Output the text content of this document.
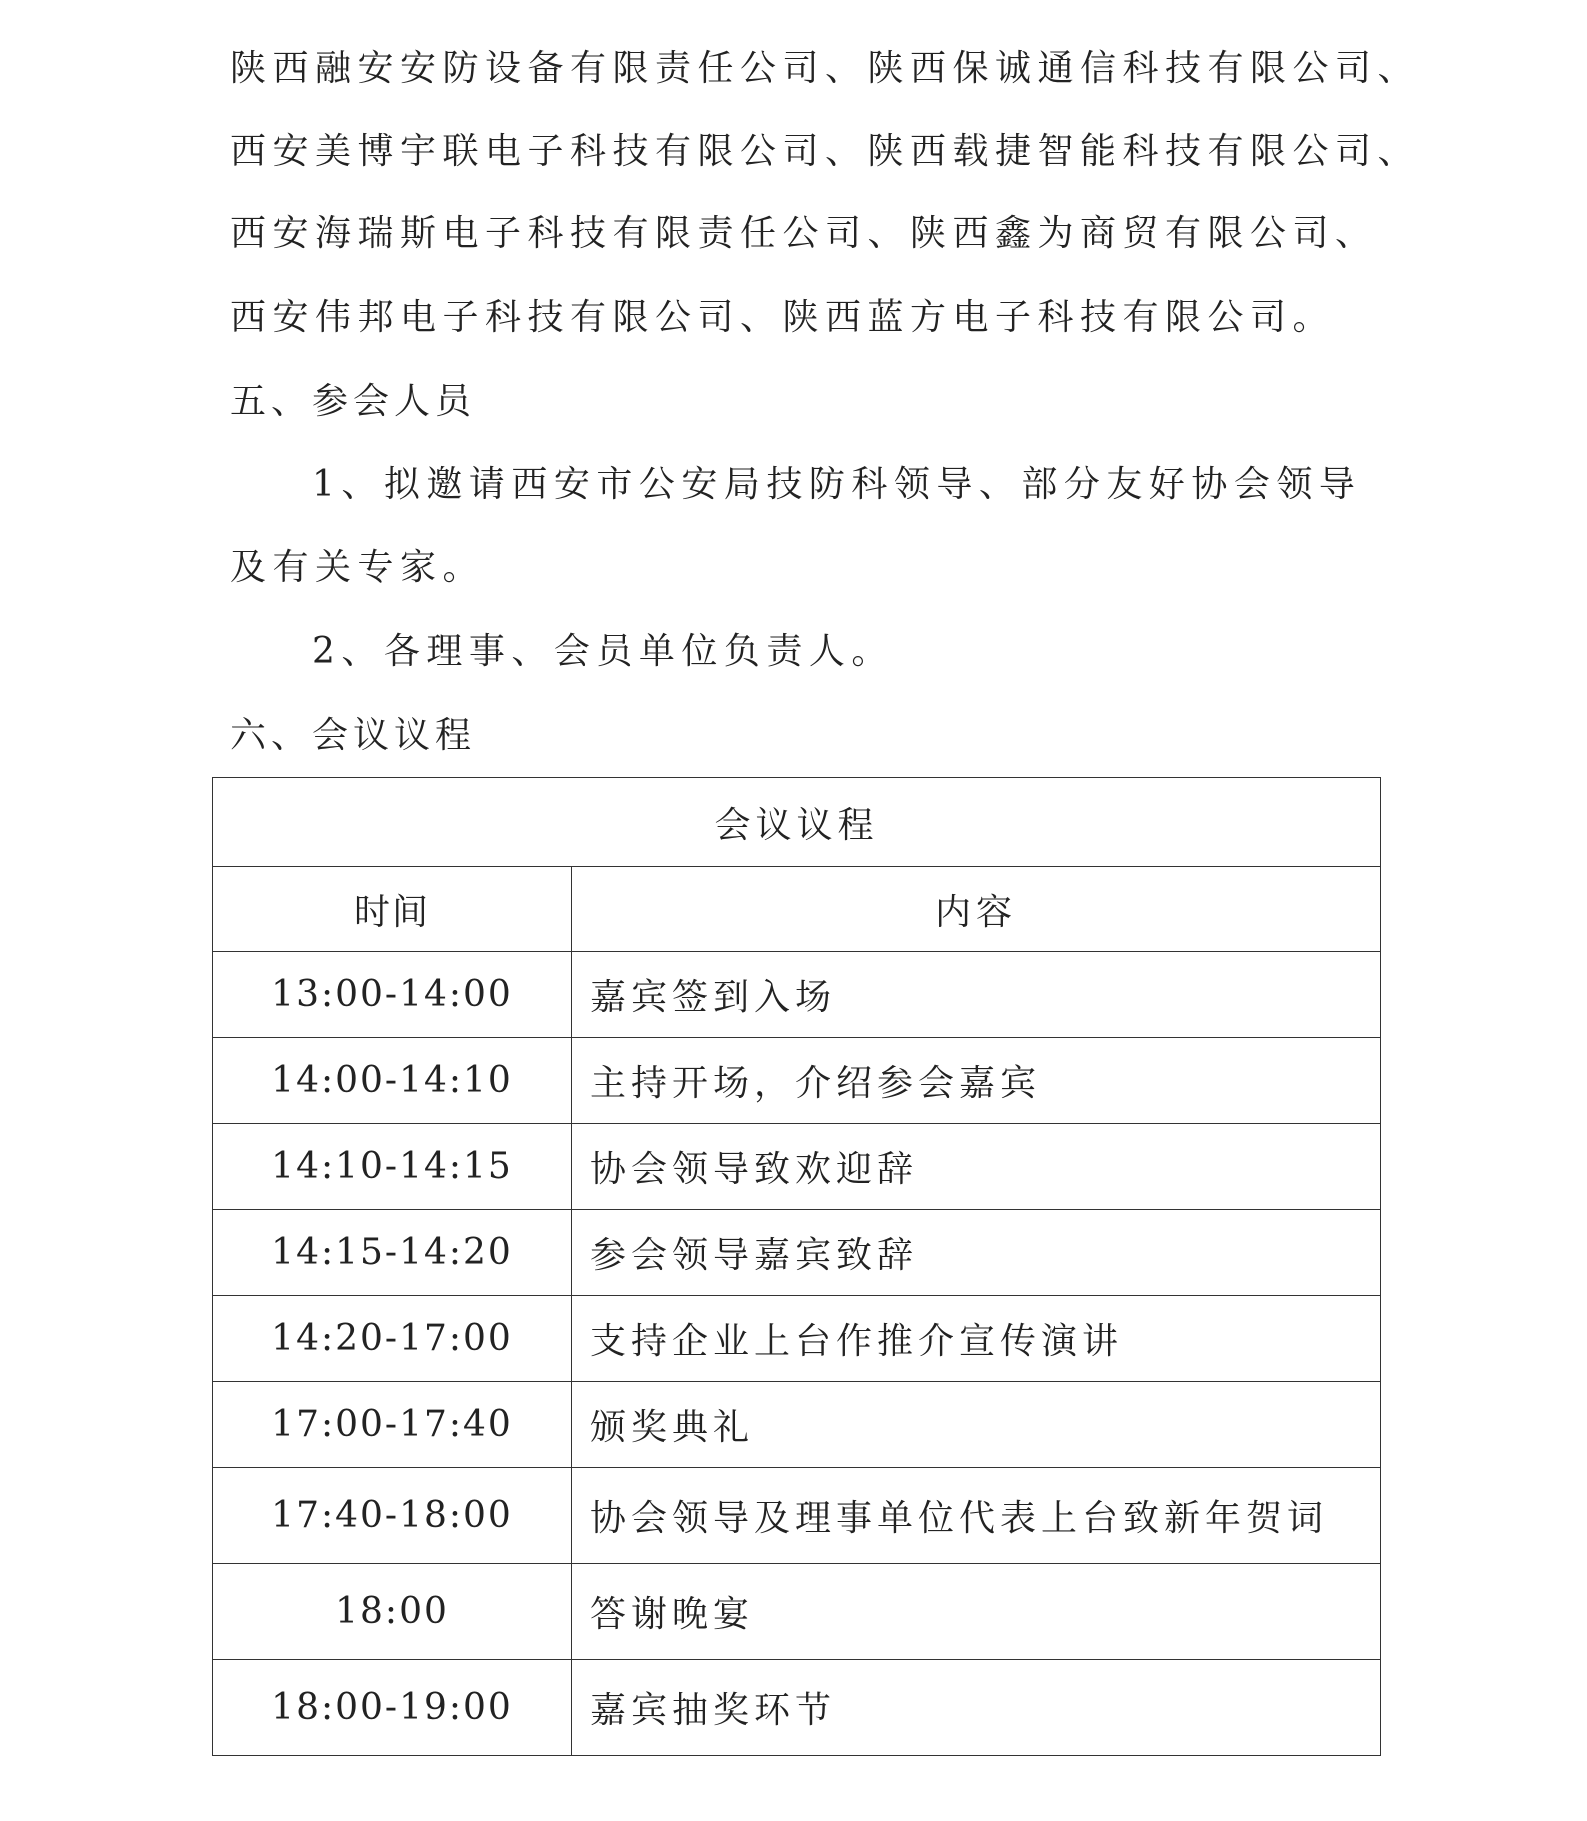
陕西融安安防设备有限责任公司、陕西保诚通信科技有限公司、
西安美博宇联电子科技有限公司、陕西载捷智能科技有限公司、
西安海瑞斯电子科技有限责任公司、陕西鑫为商贸有限公司、
西安伟邦电子科技有限公司、陕西蓝方电子科技有限公司。
五、参会人员
1、拟邀请西安市公安局技防科领导、部分友好协会领导
及有关专家。
2、各理事、会员单位负责人。
六、会议议程
会议议程	
时间	内容
13:00-14:00	嘉宾签到入场
14:00-14:10	主持开场，介绍参会嘉宾
14:10-14:15	协会领导致欢迎辞
14:15-14:20	参会领导嘉宾致辞
14:20-17:00	支持企业上台作推介宣传演讲
17:00-17:40	颁奖典礼
17:40-18:00	协会领导及理事单位代表上台致新年贺词
18:00	答谢晚宴
18:00-19:00	嘉宾抽奖环节
